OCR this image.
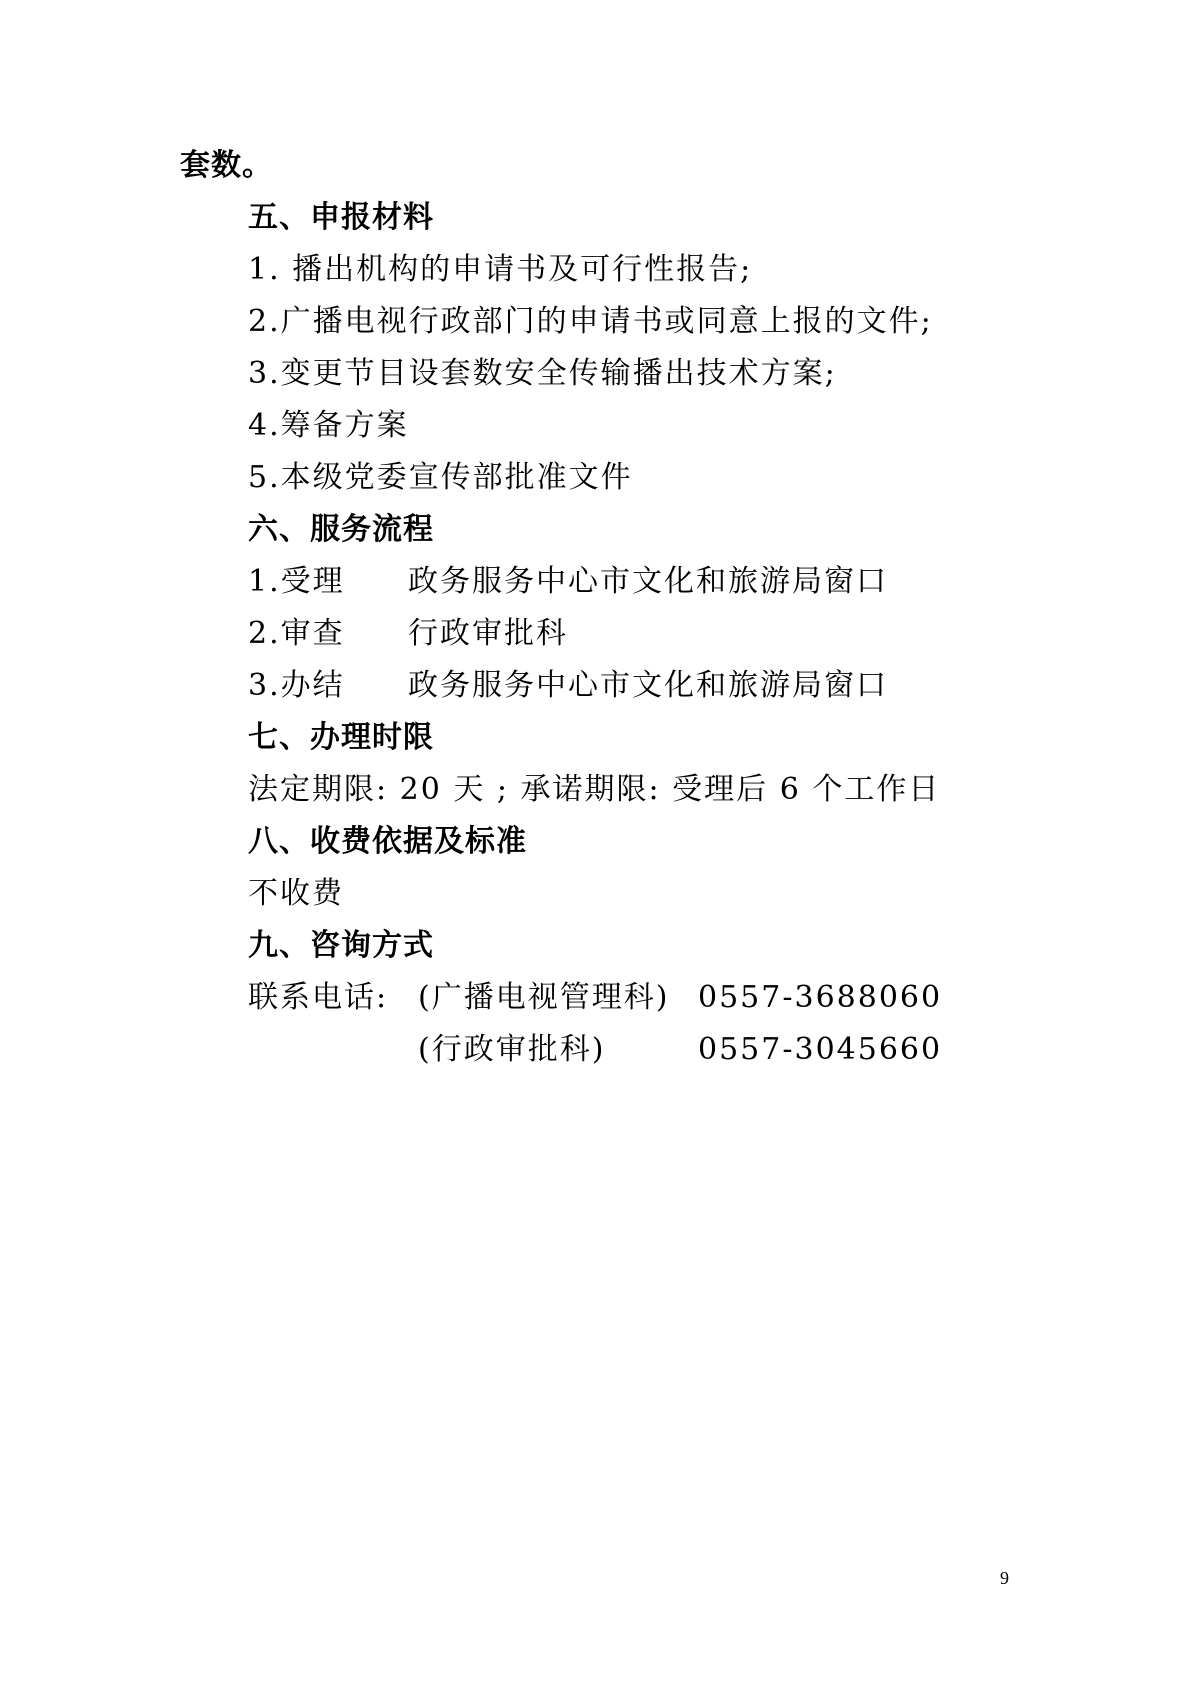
套数。
五、申报材料
1. 播出机构的申请书及可行性报告;
2.广播电视行政部门的申请书或同意上报的文件;
3.变更节目设套数安全传输播出技术方案;
4.筹备方案
5.本级党委宣传部批准文件
六、服务流程
1.受理 政务服务中心市文化和旅游局窗口
2.审查 行政审批科
3.办结 政务服务中心市文化和旅游局窗口
七、办理时限
法定期限: 20 天 ; 承诺期限: 受理后 6 个工作日
八、收费依据及标准
不收费
九、咨询方式
联系电话: (广播电视管理科) 0557-3688060
(行政审批科)	0557-3045660
9
